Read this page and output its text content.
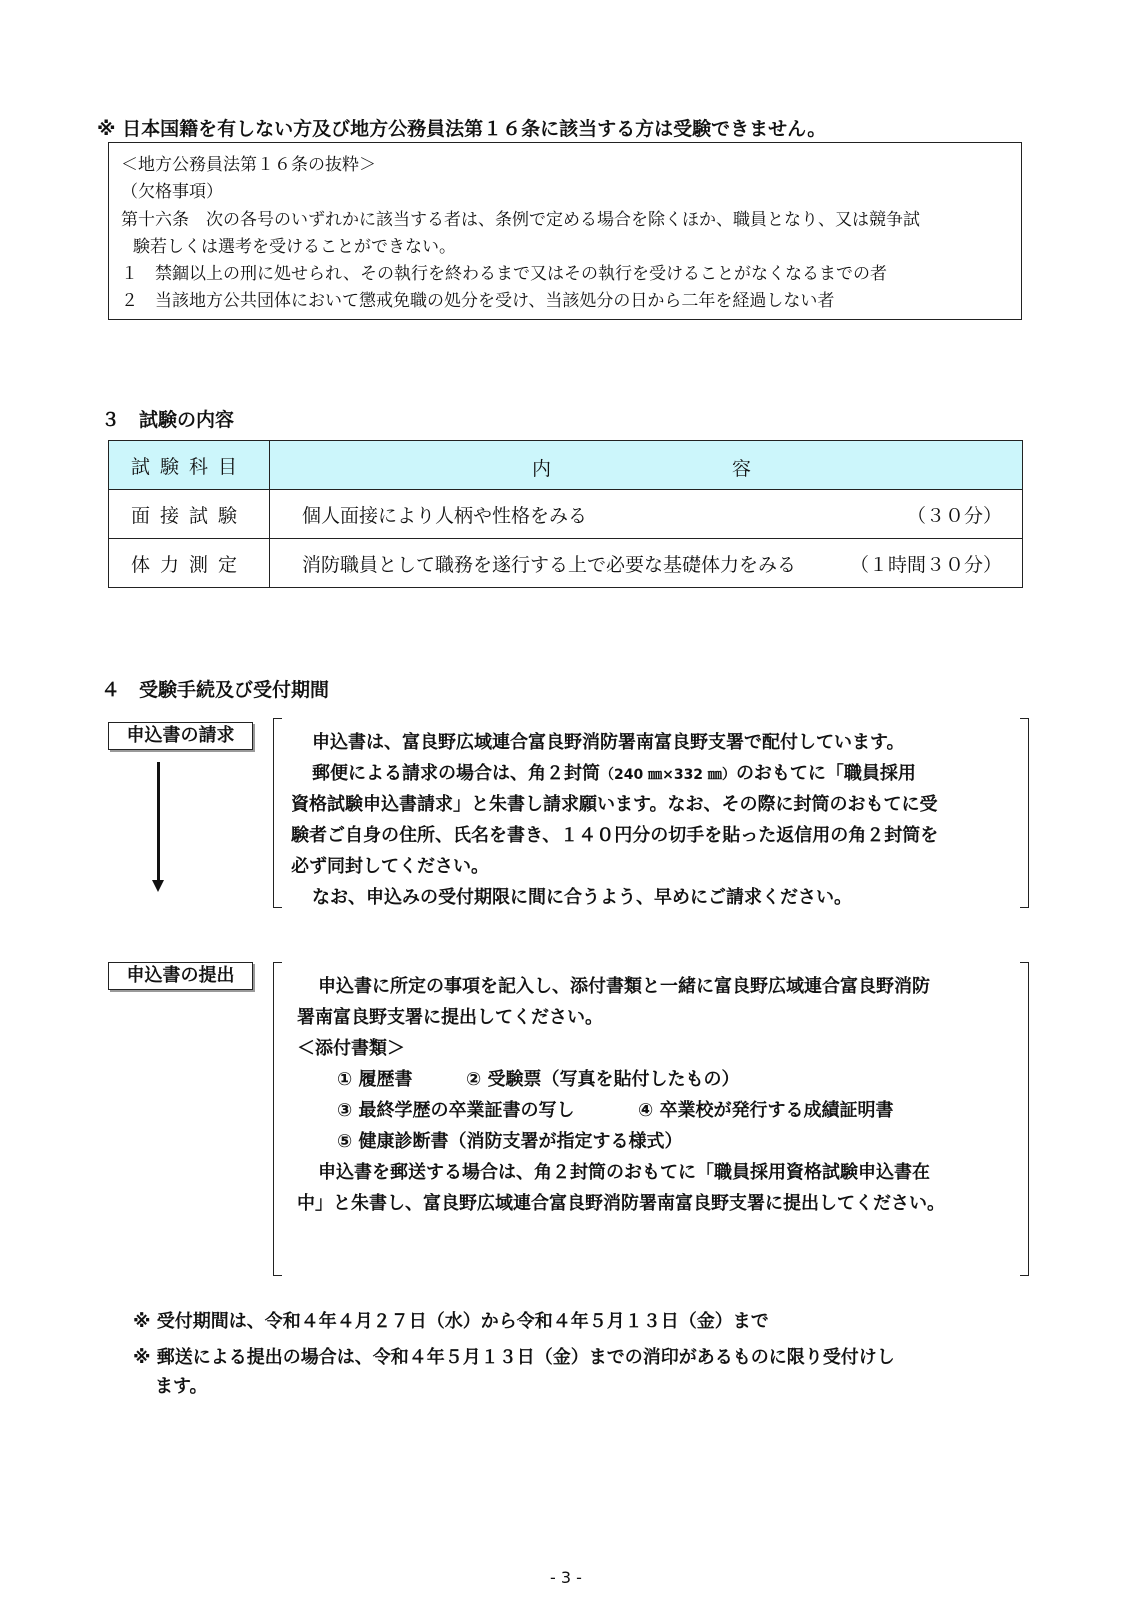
※ 日本国籍を有しない方及び地方公務員法第１６条に該当する方は受験できません。
＜地方公務員法第１６条の抜粋＞
（欠格事項）
第十六条　次の各号のいずれかに該当する者は、条例で定める場合を除くほか、職員となり、又は競争試
験若しくは選考を受けることができない。
１　禁錮以上の刑に処せられ、その執行を終わるまで又はその執行を受けることがなくなるまでの者
２　当該地方公共団体において懲戒免職の処分を受け、当該処分の日から二年を経過しない者
３　試験の内容
試験科目	内 容

面接試験	個人面接により人柄や性格をみる （３０分）

体力測定	消防職員として職務を遂行する上で必要な基礎体力をみる （１時間３０分）
４　受験手続及び受付期間
申込書の請求	申込書は、富良野広域連合富良野消防署南富良野支署で配付しています。
郵便による請求の場合は、角２封筒（240 ㎜×332 ㎜）のおもてに「職員採用
資格試験申込書請求」と朱書し請求願います。なお、その際に封筒のおもてに受
験者ご自身の住所、氏名を書き、１４０円分の切手を貼った返信用の角２封筒を
必ず同封してください。
なお、申込みの受付期限に間に合うよう、早めにご請求ください。
申込書の提出
申込書に所定の事項を記入し、添付書類と一緒に富良野広域連合富良野消防
署南富良野支署に提出してください。
＜添付書類＞
① 履歴書	② 受験票（写真を貼付したもの）
③ 最終学歴の卒業証書の写し	④ 卒業校が発行する成績証明書
⑤ 健康診断書（消防支署が指定する様式）
申込書を郵送する場合は、角２封筒のおもてに「職員採用資格試験申込書在
中」と朱書し、富良野広域連合富良野消防署南富良野支署に提出してください。
※ 受付期間は、令和４年４月２７日（水）から令和４年５月１３日（金）まで
※ 郵送による提出の場合は、令和４年５月１３日（金）までの消印があるものに限り受付けし
ます。
- 3 -
